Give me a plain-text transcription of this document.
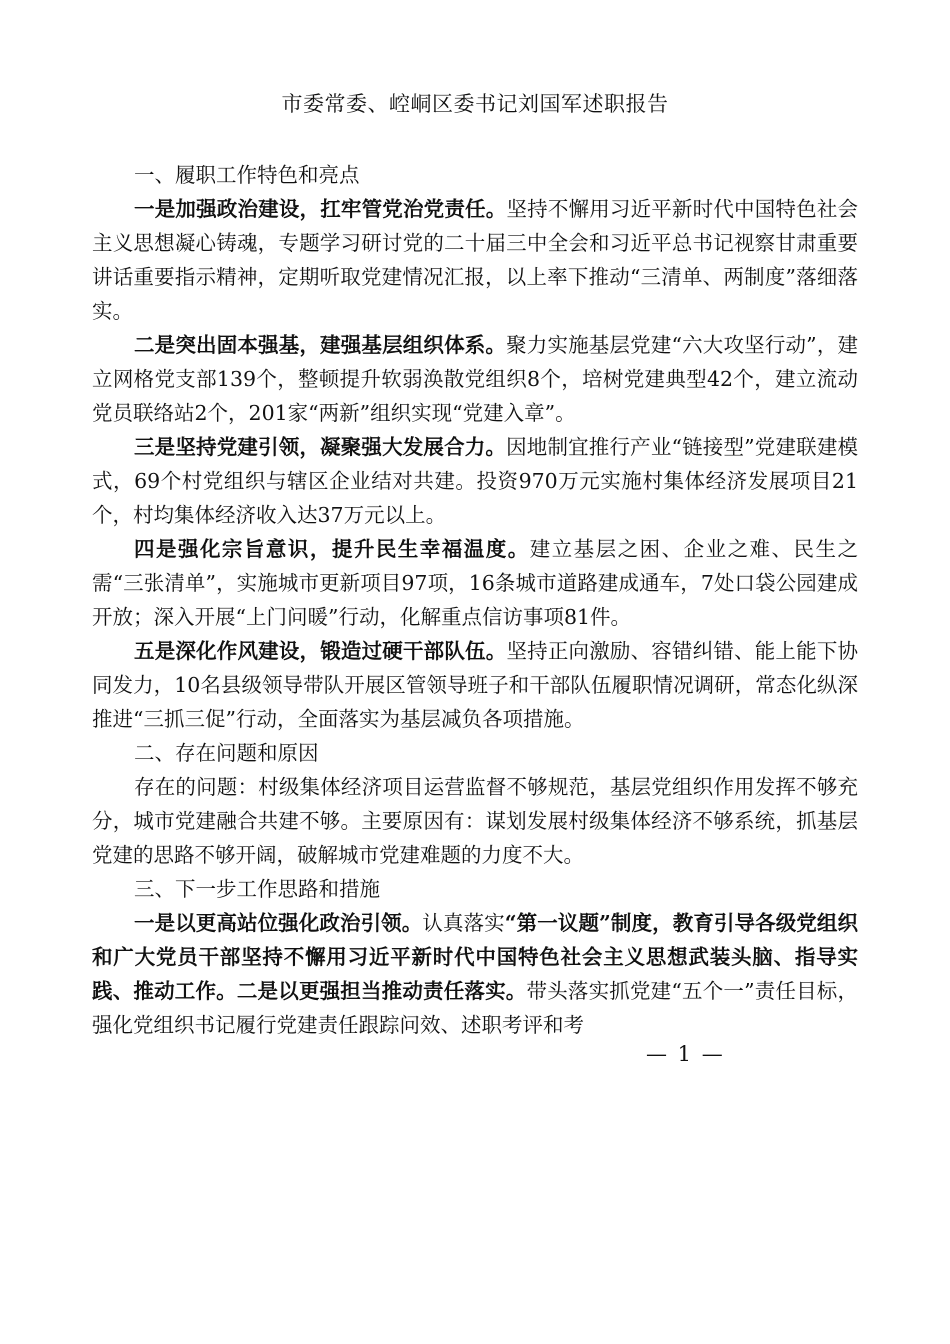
市委常委、崆峒区委书记刘国军述职报告

一、履职工作特色和亮点

一是加强政治建设，扛牢管党治党责任。坚持不懈用习近平新时代中国特色社会主义思想凝心铸魂，专题学习研讨党的二十届三中全会和习近平总书记视察甘肃重要讲话重要指示精神，定期听取党建情况汇报，以上率下推动“三清单、两制度”落细落实。

二是突出固本强基，建强基层组织体系。聚力实施基层党建“六大攻坚行动”，建立网格党支部139个，整顿提升软弱涣散党组织8个，培树党建典型42个，建立流动党员联络站2个，201家“两新”组织实现“党建入章”。

三是坚持党建引领，凝聚强大发展合力。因地制宜推行产业“链接型”党建联建模式，69个村党组织与辖区企业结对共建。投资970万元实施村集体经济发展项目21个，村均集体经济收入达37万元以上。

四是强化宗旨意识，提升民生幸福温度。建立基层之困、企业之难、民生之需“三张清单”，实施城市更新项目97项，16条城市道路建成通车，7处口袋公园建成开放；深入开展“上门问暖”行动，化解重点信访事项81件。

五是深化作风建设，锻造过硬干部队伍。坚持正向激励、容错纠错、能上能下协同发力，10名县级领导带队开展区管领导班子和干部队伍履职情况调研，常态化纵深推进“三抓三促”行动，全面落实为基层减负各项措施。

二、存在问题和原因

存在的问题：村级集体经济项目运营监督不够规范，基层党组织作用发挥不够充分，城市党建融合共建不够。主要原因有：谋划发展村级集体经济不够系统，抓基层党建的思路不够开阔，破解城市党建难题的力度不大。

三、下一步工作思路和措施

一是以更高站位强化政治引领。认真落实“第一议题”制度，教育引导各级党组织和广大党员干部坚持不懈用习近平新时代中国特色社会主义思想武装头脑、指导实践、推动工作。二是以更强担当推动责任落实。带头落实抓党建“五个一”责任目标，强化党组织书记履行党建责任跟踪问效、述职考评和考

— 1 —
